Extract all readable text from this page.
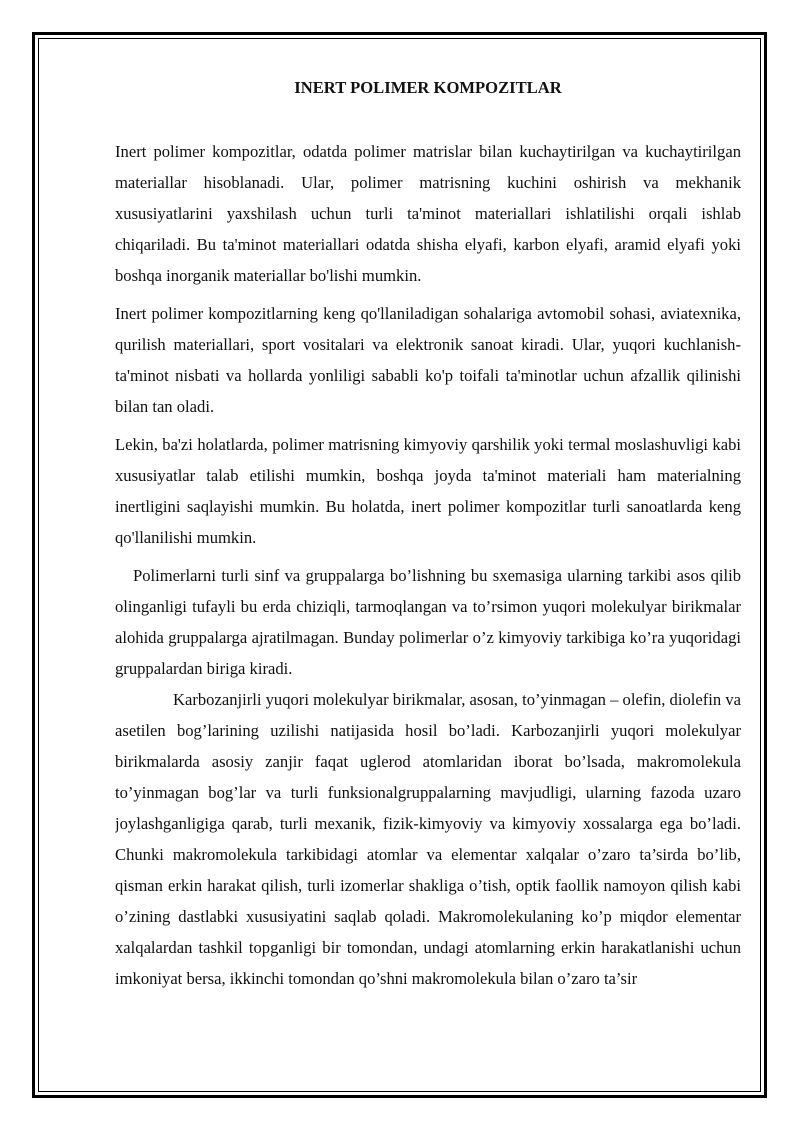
INERT POLIMER KOMPOZITLAR

Inert polimer kompozitlar, odatda polimer matrislar bilan kuchaytirilgan va kuchaytirilgan materiallar hisoblanadi. Ular, polimer matrisning kuchini oshirish va mekhanik xususiyatlarini yaxshilash uchun turli ta'minot materiallari ishlatilishi orqali ishlab chiqariladi. Bu ta'minot materiallari odatda shisha elyafi, karbon elyafi, aramid elyafi yoki boshqa inorganik materiallar bo'lishi mumkin.

Inert polimer kompozitlarning keng qo'llaniladigan sohalariga avtomobil sohasi, aviatexnika, qurilish materiallari, sport vositalari va elektronik sanoat kiradi. Ular, yuqori kuchlanish-ta'minot nisbati va hollarda yonliligi sababli ko'p toifali ta'minotlar uchun afzallik qilinishi bilan tan oladi.

Lekin, ba'zi holatlarda, polimer matrisning kimyoviy qarshilik yoki termal moslashuvligi kabi xususiyatlar talab etilishi mumkin, boshqa joyda ta'minot materiali ham materialning inertligini saqlayishi mumkin. Bu holatda, inert polimer kompozitlar turli sanoatlarda keng qo'llanilishi mumkin.

Polimerlarni turli sinf va gruppalarga bo’lishning bu sxemasiga ularning tarkibi asos qilib olinganligi tufayli bu erda chiziqli, tarmoqlangan va to’rsimon yuqori molekulyar birikmalar alohida gruppalarga ajratilmagan. Bunday polimerlar o’z kimyoviy tarkibiga ko’ra yuqoridagi gruppalardan biriga kiradi.

Karbozanjirli yuqori molekulyar birikmalar, asosan, to’yinmagan – olefin, diolefin va asetilen bog’larining uzilishi natijasida hosil bo’ladi. Karbozanjirli yuqori molekulyar birikmalarda asosiy zanjir faqat uglerod atomlaridan iborat bo’lsada, makromolekula to’yinmagan bog’lar va turli funksionalgruppalarning mavjudligi, ularning fazoda uzaro joylashganligiga qarab, turli mexanik, fizik-kimyoviy va kimyoviy xossalarga ega bo’ladi. Chunki makromolekula tarkibidagi atomlar va elementar xalqalar o’zaro ta’sirda bo’lib, qisman erkin harakat qilish, turli izomerlar shakliga o’tish, optik faollik namoyon qilish kabi o’zining dastlabki xususiyatini saqlab qoladi. Makromolekulaning ko’p miqdor elementar xalqalardan tashkil topganligi bir tomondan, undagi atomlarning erkin harakatlanishi uchun imkoniyat bersa, ikkinchi tomondan qo’shni makromolekula bilan o’zaro ta’sir
